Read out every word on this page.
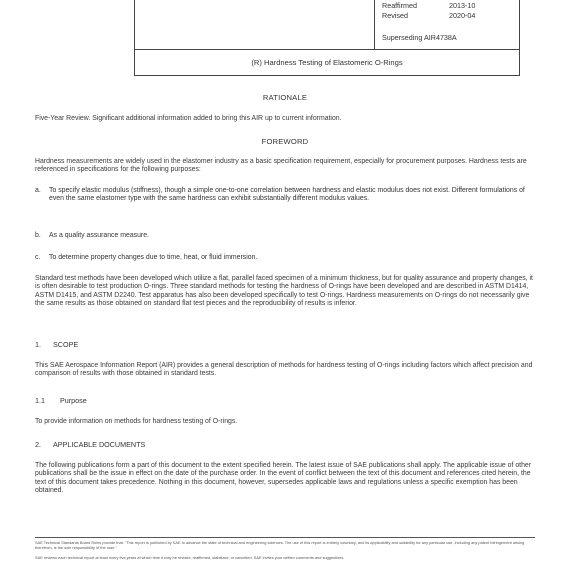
Reaffirmed	2013-10
Revised	2020-04
Superseding AIR4738A
(R) Hardness Testing of Elastomeric O-Rings
RATIONALE
Five-Year Review. Significant additional information added to bring this AIR up to current information.
FOREWORD
Hardness measurements are widely used in the elastomer industry as a basic specification requirement, especially for procurement purposes. Hardness tests are referenced in specifications for the following purposes:
a. To specify elastic modulus (stiffness), though a simple one-to-one correlation between hardness and elastic modulus does not exist. Different formulations of even the same elastomer type with the same hardness can exhibit substantially different modulus values.
b. As a quality assurance measure.
c. To determine property changes due to time, heat, or fluid immersion.
Standard test methods have been developed which utilize a flat, parallel faced specimen of a minimum thickness, but for quality assurance and property changes, it is often desirable to test production O-rings. Three standard methods for testing the hardness of O-rings have been developed and are described in ASTM D1414, ASTM D1415, and ASTM D2240. Test apparatus has also been developed specifically to test O-rings. Hardness measurements on O-rings do not necessarily give the same results as those obtained on standard flat test pieces and the reproducibility of results is inferior.
1. SCOPE
This SAE Aerospace Information Report (AIR) provides a general description of methods for hardness testing of O-rings including factors which affect precision and comparison of results with those obtained in standard tests.
1.1 Purpose
To provide information on methods for hardness testing of O-rings.
2. APPLICABLE DOCUMENTS
The following publications form a part of this document to the extent specified herein. The latest issue of SAE publications shall apply. The applicable issue of other publications shall be the issue in effect on the date of the purchase order. In the event of conflict between the text of this document and references cited herein, the text of this document takes precedence. Nothing in this document, however, supersedes applicable laws and regulations unless a specific exemption has been obtained.
SAE Technical Standards Board Rules provide that: "This report is published by SAE to advance the state of technical and engineering sciences. The use of this report is entirely voluntary, and its applicability and suitability for any particular use, including any patent infringement arising therefrom, is the sole responsibility of the user."
SAE reviews each technical report at least every five years at which time it may be revised, reaffirmed, stabilized, or cancelled. SAE invites your written comments and suggestions.
